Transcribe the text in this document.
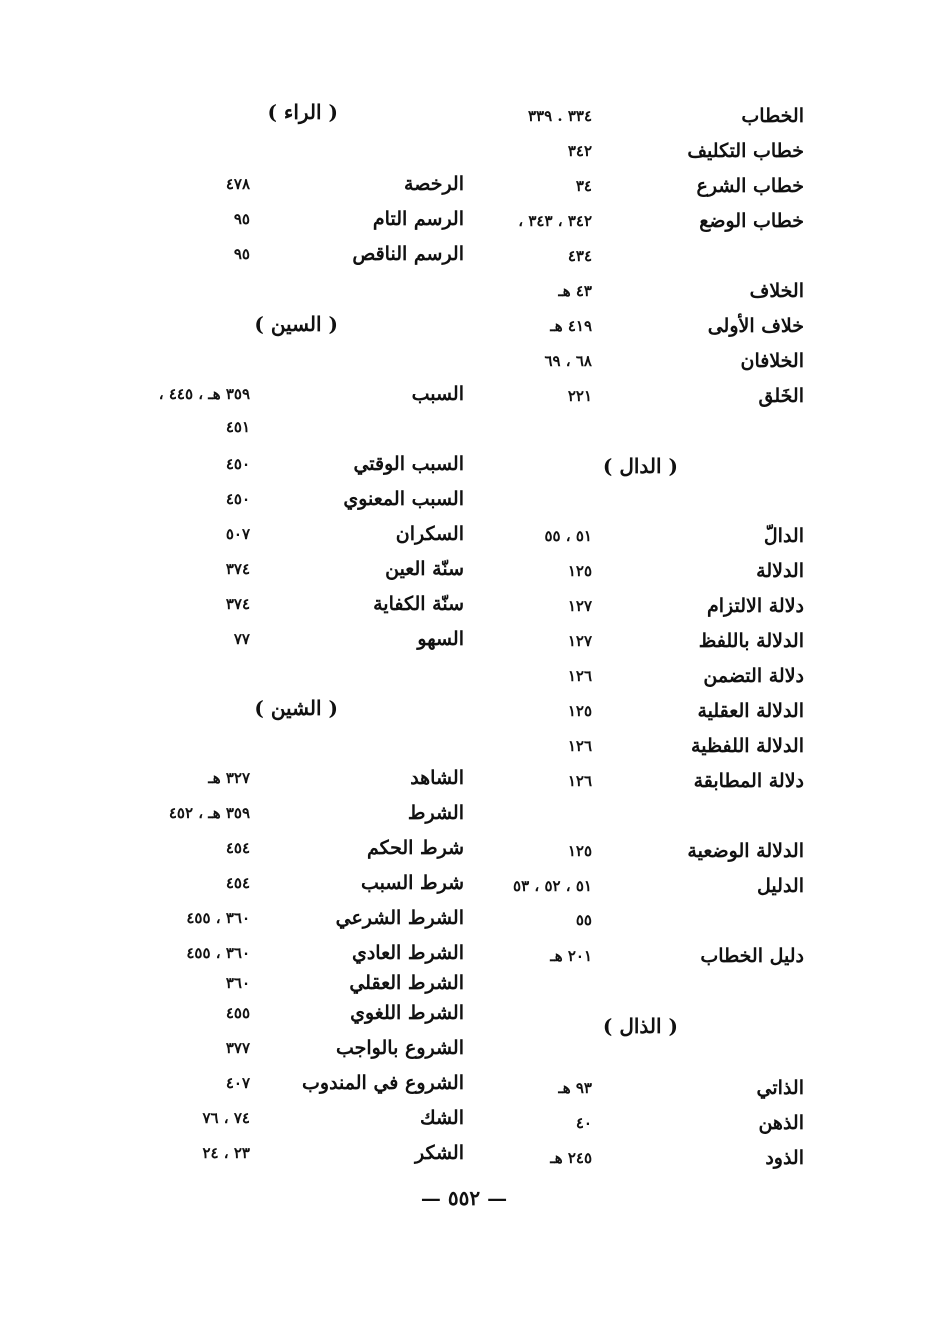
الخطاب
٣٣٤ . ٣٣٩
خطاب التكليف
٣٤٢
خطاب الشرع
٣٤
خطاب الوضع
٣٤٢ ، ٣٤٣ ،
٤٣٤
الخلاف
٤٣ هـ
خلاف الأولى
٤١٩ هـ
الخلافان
٦٨ ، ٦٩
الخَلق
٢٢١
( الدال )
الدالّ
٥١ ، ٥٥
الدلالة
١٢٥
دلالة الالتزام
١٢٧
الدلالة باللفظ
١٢٧
دلالة التضمن
١٢٦
الدلالة العقلية
١٢٥
الدلالة اللفظية
١٢٦
دلالة المطابقة
١٢٦
الدلالة الوضعية
١٢٥
الدليل
٥١ ، ٥٢ ، ٥٣
٥٥
دليل الخطاب
٢٠١ هـ
( الذال )
الذاتي
٩٣ هـ
الذهن
٤٠
الذود
٢٤٥ هـ
( الراء )
الرخصة
٤٧٨
الرسم التام
٩٥
الرسم الناقص
٩٥
( السين )
السبب
٣٥٩ هـ ، ٤٤٥ ،
٤٥١
السبب الوقتي
٤٥٠
السبب المعنوي
٤٥٠
السكران
٥٠٧
سنّة العين
٣٧٤
سنّة الكفاية
٣٧٤
السهو
٧٧
( الشين )
الشاهد
٣٢٧ هـ
الشرط
٣٥٩ هـ ، ٤٥٢
شرط الحكم
٤٥٤
شرط السبب
٤٥٤
الشرط الشرعي
٣٦٠ ، ٤٥٥
الشرط العادي
٣٦٠ ، ٤٥٥
الشرط العقلي
٣٦٠
الشرط اللغوي
٤٥٥
الشروع بالواجب
٣٧٧
الشروع في المندوب
٤٠٧
الشك
٧٤ ، ٧٦
الشكر
٢٣ ، ٢٤
— ٥٥٢ —
